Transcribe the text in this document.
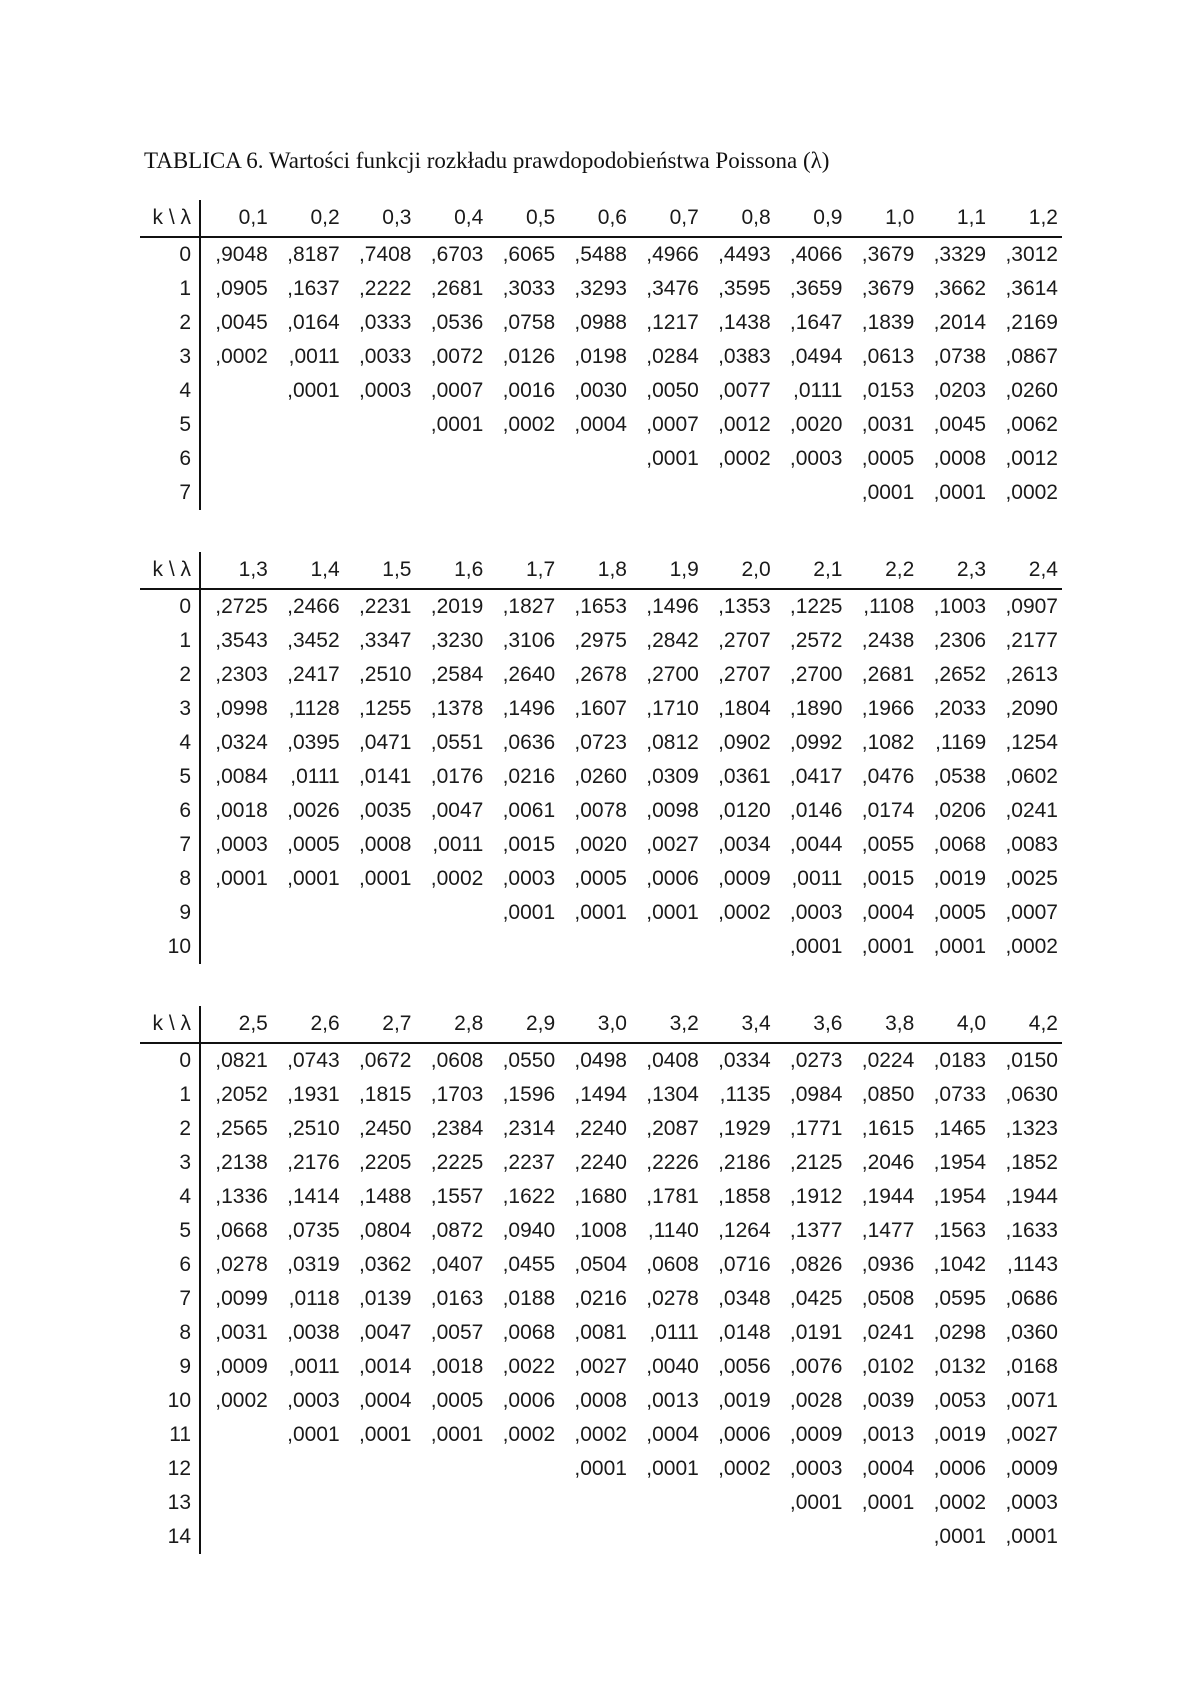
TABLICA 6. Wartości funkcji rozkładu prawdopodobieństwa Poissona (λ)
k \ λ	0,1	0,2	0,3	0,4	0,5	0,6	0,7	0,8	0,9	1,0	1,1	1,2
0	,9048	,8187	,7408	,6703	,6065	,5488	,4966	,4493	,4066	,3679	,3329	,3012
1	,0905	,1637	,2222	,2681	,3033	,3293	,3476	,3595	,3659	,3679	,3662	,3614
2	,0045	,0164	,0333	,0536	,0758	,0988	,1217	,1438	,1647	,1839	,2014	,2169
3	,0002	,0011	,0033	,0072	,0126	,0198	,0284	,0383	,0494	,0613	,0738	,0867
4		,0001	,0003	,0007	,0016	,0030	,0050	,0077	,0111	,0153	,0203	,0260
5				,0001	,0002	,0004	,0007	,0012	,0020	,0031	,0045	,0062
6							,0001	,0002	,0003	,0005	,0008	,0012
7										,0001	,0001	,0002
k \ λ	1,3	1,4	1,5	1,6	1,7	1,8	1,9	2,0	2,1	2,2	2,3	2,4
0	,2725	,2466	,2231	,2019	,1827	,1653	,1496	,1353	,1225	,1108	,1003	,0907
1	,3543	,3452	,3347	,3230	,3106	,2975	,2842	,2707	,2572	,2438	,2306	,2177
2	,2303	,2417	,2510	,2584	,2640	,2678	,2700	,2707	,2700	,2681	,2652	,2613
3	,0998	,1128	,1255	,1378	,1496	,1607	,1710	,1804	,1890	,1966	,2033	,2090
4	,0324	,0395	,0471	,0551	,0636	,0723	,0812	,0902	,0992	,1082	,1169	,1254
5	,0084	,0111	,0141	,0176	,0216	,0260	,0309	,0361	,0417	,0476	,0538	,0602
6	,0018	,0026	,0035	,0047	,0061	,0078	,0098	,0120	,0146	,0174	,0206	,0241
7	,0003	,0005	,0008	,0011	,0015	,0020	,0027	,0034	,0044	,0055	,0068	,0083
8	,0001	,0001	,0001	,0002	,0003	,0005	,0006	,0009	,0011	,0015	,0019	,0025
9					,0001	,0001	,0001	,0002	,0003	,0004	,0005	,0007
10									,0001	,0001	,0001	,0002
k \ λ	2,5	2,6	2,7	2,8	2,9	3,0	3,2	3,4	3,6	3,8	4,0	4,2
0	,0821	,0743	,0672	,0608	,0550	,0498	,0408	,0334	,0273	,0224	,0183	,0150
1	,2052	,1931	,1815	,1703	,1596	,1494	,1304	,1135	,0984	,0850	,0733	,0630
2	,2565	,2510	,2450	,2384	,2314	,2240	,2087	,1929	,1771	,1615	,1465	,1323
3	,2138	,2176	,2205	,2225	,2237	,2240	,2226	,2186	,2125	,2046	,1954	,1852
4	,1336	,1414	,1488	,1557	,1622	,1680	,1781	,1858	,1912	,1944	,1954	,1944
5	,0668	,0735	,0804	,0872	,0940	,1008	,1140	,1264	,1377	,1477	,1563	,1633
6	,0278	,0319	,0362	,0407	,0455	,0504	,0608	,0716	,0826	,0936	,1042	,1143
7	,0099	,0118	,0139	,0163	,0188	,0216	,0278	,0348	,0425	,0508	,0595	,0686
8	,0031	,0038	,0047	,0057	,0068	,0081	,0111	,0148	,0191	,0241	,0298	,0360
9	,0009	,0011	,0014	,0018	,0022	,0027	,0040	,0056	,0076	,0102	,0132	,0168
10	,0002	,0003	,0004	,0005	,0006	,0008	,0013	,0019	,0028	,0039	,0053	,0071
11		,0001	,0001	,0001	,0002	,0002	,0004	,0006	,0009	,0013	,0019	,0027
12						,0001	,0001	,0002	,0003	,0004	,0006	,0009
13									,0001	,0001	,0002	,0003
14											,0001	,0001
